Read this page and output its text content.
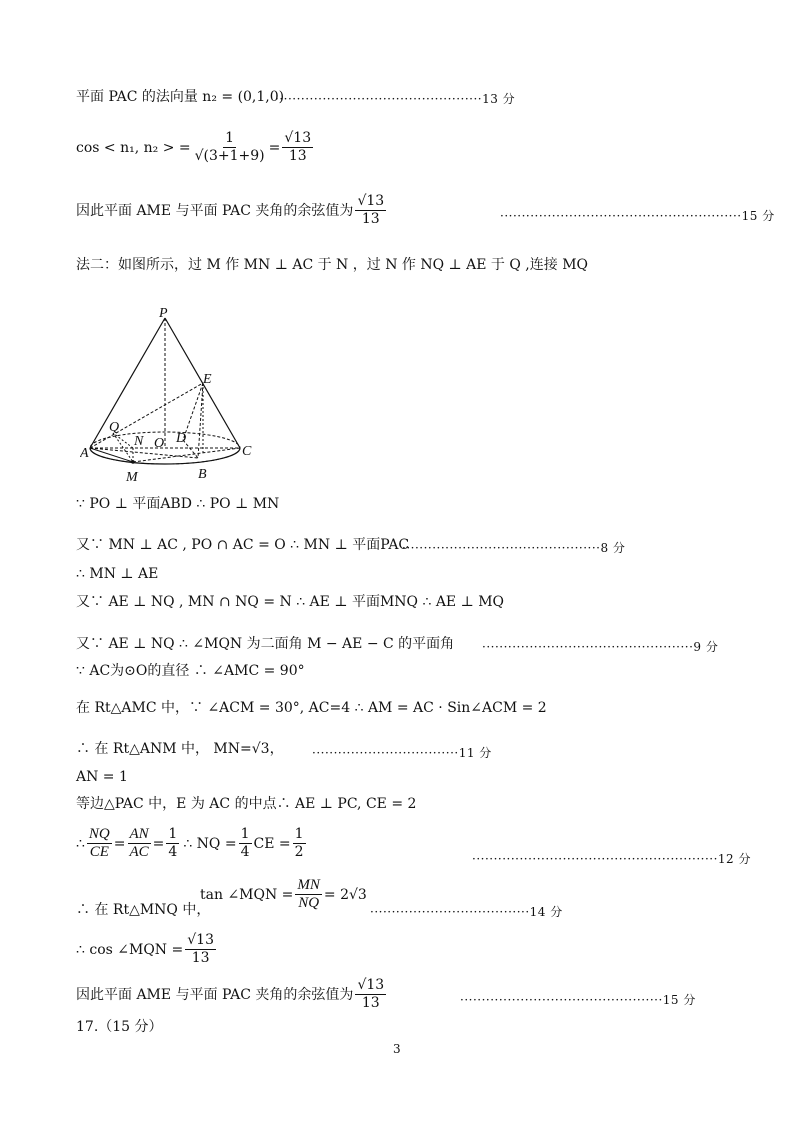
平面 PAC 的法向量 n₂ = (0,1,0)
················································13 分
cos < n₁, n₂ > = $\frac{1}{√(3+1+9)} = \frac{√13}{13}$
因此平面 AME 与平面 PAC 夹角的余弦值为 $\frac{√13}{13}$	························································15 分
法二：如图所示，过 M 作 MN ⊥ AC 于 N ，过 N 作 NQ ⊥ AE 于 Q ,连接 MQ
P
E
Q
N O D
A	C
M	B
∵ PO ⊥ 平面ABD ∴ PO ⊥ MN
又∵ MN ⊥ AC , PO ∩ AC = O ∴ MN ⊥ 平面PAC
··············································8 分
∴ MN ⊥ AE
又∵ AE ⊥ NQ , MN ∩ NQ = N ∴ AE ⊥ 平面MNQ ∴ AE ⊥ MQ
又∵ AE ⊥ NQ ∴ ∠MQN 为二面角 M − AE − C 的平面角 ·················································9 分
∵ AC为⊙O的直径 ∴ ∠AMC = 90°
在 Rt△AMC 中，∵ ∠ACM = 30°, AC=4 ∴ AM = AC · Sin∠ACM = 2
∴ 在 Rt△ANM 中， MN=√3， ··································11 分
AN = 1
等边△PAC 中，E 为 AC 的中点∴ AE ⊥ PC, CE = 2
∴ $\frac{NQ}{CE} = \frac{AN}{AC} = \frac{1}{4}$ ∴ NQ = $\frac{1}{4}$ CE = $\frac{1}{2}$	·························································12 分
tan ∠MQN = $\frac{MN}{NQ} = 2√3$
∴ 在 Rt△MNQ 中，	·····································14 分
∴ cos ∠MQN = $\frac{√13}{13}$
因此平面 AME 与平面 PAC 夹角的余弦值为 $\frac{√13}{13}$	···············································15 分
17.（15 分）
3
